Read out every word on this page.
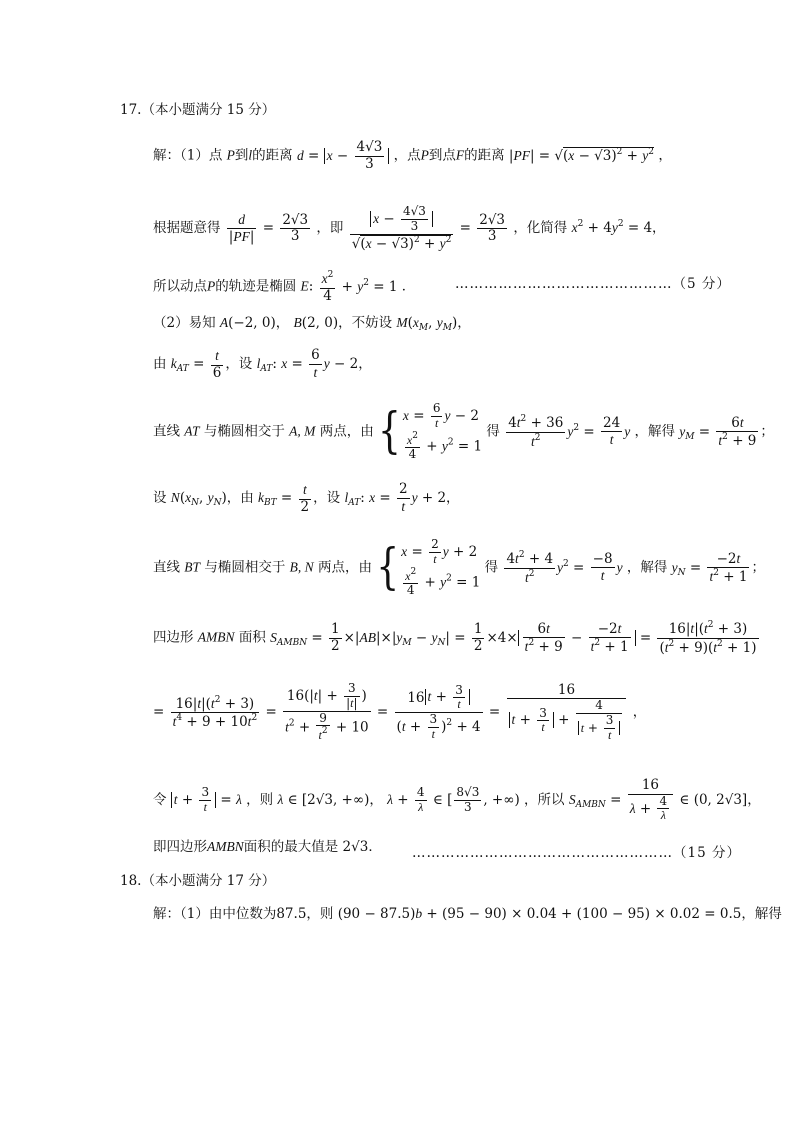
17.（本小题满分 15 分）
解：（1）点 P到l的距离 $d = x - \frac{4√3}{3}$ ，点P到点F的距离 $|PF| = √(x - √3)^2 + y^2$ ，
根据题意得 $\frac{d}{|PF|} = \frac{2√3}{3}$ ，即 $\frac{x - \frac{4√3}{3}}{√(x - √3)^2 + y^2} = \frac{2√3}{3}$ ，化简得 $x^2 + 4y^2 = 4$，
所以动点P的轨迹是椭圆 E: $\frac{x^2}{4} + y^2 = 1$ ．	………………………………………（5 分）
（2）易知 A(−2, 0)， B(2, 0)，不妨设 $M(x_M$, $y_M$)，
由 $k_{AT} = \frac{t}{6}$ ，设 $l_{AT}$: $x = \frac{6}{t}$ y − 2，
直线 AT 与椭圆相交于 A, M 两点，由 { $x = \frac{6}{t}$ y − 2
$\frac{x^2}{4} + y^2 = 1$
得 $\frac{4t^2 + 36}{t^2} y^2 = \frac{24}{t}$ y ，解得 $y_M = \frac{6t}{t^2 + 9}$ ；
设 $N(x_N$, $y_N$)，由 $k_{BT} = \frac{t}{2}$ ，设 $l_{AT}$: $x = \frac{2}{t}$ y + 2，
直线 BT 与椭圆相交于 B, N 两点，由 { $x = \frac{2}{t}$ y + 2
$\frac{x^2}{4} + y^2 = 1$
得 $\frac{4t^2 + 4}{t^2} y^2 = \frac{-8}{t}$ y ，解得 $y_N = \frac{-2t}{t^2 + 1}$ ；
四边形 AMBN 面积 $S_{AMBN} = \frac{1}{2} \times|AB|\times|y_M - y_N| = \frac{1}{2} \times 4\times \frac{6t}{t^2 + 9} - \frac{-2t}{t^2 + 1} = \frac{16|t|(t^2 + 3)}{(t^2 + 9)(t^2 + 1)}$
= $\frac{16|t|(t^2 + 3)}{t^4 + 9 + 10t^2} = \frac{16(|t| + \frac{3}{|t|} )}{t^2 + \frac{9}{t^2} + 10} = \frac{16 t + \frac{3}{t}}{(t + \frac{3}{t} )^2 + 4} = \frac{16}{t + \frac{3}{t} + \frac{4}{t + \frac{3}{t}}}$ ，
令 $t + \frac{3}{t} = \lambda$ ，则 λ ∈ [2√3, +∞)， $\lambda + \frac{4}{\lambda}$ ∈ [ $\frac{8√3}{3}$ , +∞) ，所以 $S_{AMBN} = \frac{16}{\lambda + \frac{4}{\lambda}}$ ∈ (0, 2√3]，
即四边形AMBN面积的最大值是 2√3． ………………………………………………（15 分）
18.（本小题满分 17 分）
解：（1）由中位数为87.5，则 (90 − 87.5)b + (95 − 90) × 0.04 + (100 − 95) × 0.02 = 0.5，解得
